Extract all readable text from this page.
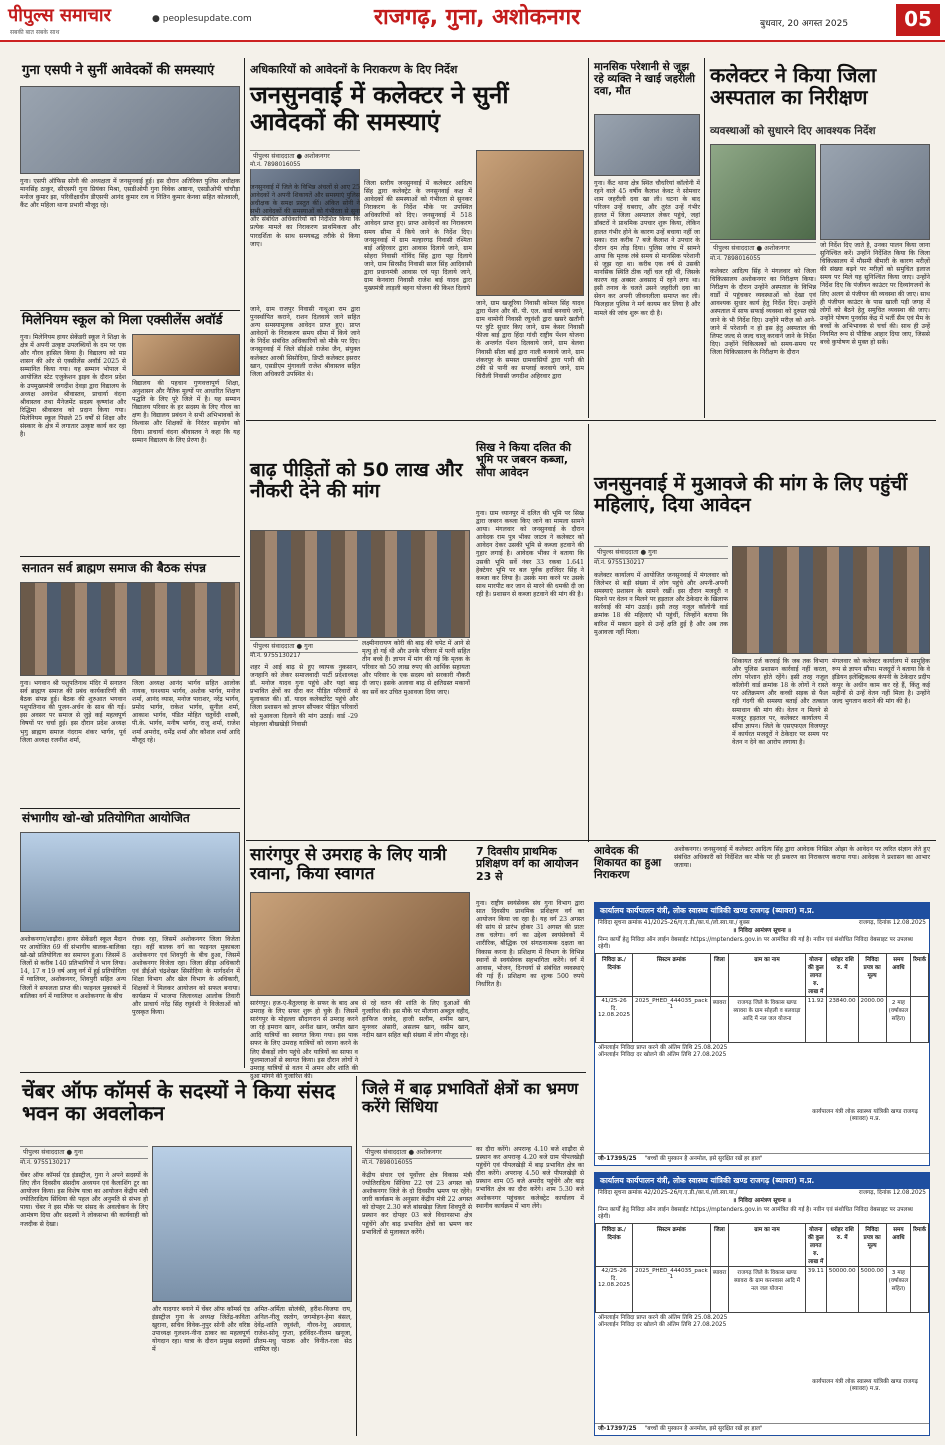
पीपुल्स समाचार
सबकी बात सबके साथ
● peoplesupdate.com	राजगढ़, गुना, अशोकनगर	बुधवार, 20 अगस्त 2025	05
गुना एसपी ने सुनीं आवेदकों की समस्याएं
गुना। एसपी ऑफिस सोनी की अध्यक्षता में जनसुनवाई हुई। इस दौरान अतिरिक्त पुलिस अधीक्षक मानसिंह ठाकुर, सीएसपी गुना प्रियंका मिश्रा, एसडीओपी गुना विवेक अष्ठाना, एसडीओपी चांचौड़ा मनोज कुमार झा, परिवीक्षाधीन डीएसपी आनंद कुमार राय व नितिन कुमार केनवा सहित कोतवाली, कैंट और महिला थाना प्रभारी मौजूद रहे।
मिलेनियम स्कूल को मिला एक्सीलेंस अवॉर्ड
गुना। मिलेनियम हायर सेकेंडरी स्कूल ने शिक्षा के क्षेत्र में अपनी उत्कृष्ट उपलब्धियों के दम पर एक और गौरव हासिल किया है। विद्यालय को मप्र शासन की ओर से एक्सीलेंस अवॉर्ड 2025 से सम्मानित किया गया। यह सम्मान भोपाल में आयोजित स्टेट एजुकेशन ड्राइव के दौरान प्रदेश के उपमुख्यमंत्री जगदीश देवड़ा द्वारा विद्यालय के अध्यक्ष अवधेश श्रीवास्तव, प्राचार्या वंदना श्रीवास्तव तथा मैनेजमेंट सदस्य कृष्णांश और रिद्धिमा श्रीवास्तव को प्रदान किया गया। मिलेनियम स्कूल पिछले 25 वर्षों से शिक्षा और संस्कार के क्षेत्र में लगातार उत्कृष्ट कार्य कर रहा है।
विद्यालय की पहचान गुणवत्तापूर्ण शिक्षा, अनुशासन और नैतिक मूल्यों पर आधारित शिक्षण पद्धति के लिए पूरे जिले में है। यह सम्मान विद्यालय परिवार के हर सदस्य के लिए गौरव का क्षण है। विद्यालय प्रबंधन ने सभी अभिभावकों के विश्वास और शिक्षकों के निरंतर सहयोग को दिया। प्राचार्या वंदना श्रीवास्तव ने कहा कि यह सम्मान विद्यालय के लिए प्रेरणा है।
सनातन सर्व ब्राह्मण समाज की बैठक संपन्न
गुना। भगवान श्री पशुपतिनाथ मंदिर में सनातन सर्व ब्राह्मण समाज की प्रबंध कार्यकारिणी की बैठक संपन्न हुई। बैठक की शुरुआत भगवान पशुपतिनाथ की पूजन-अर्चन के साथ की गई। इस अवसर पर समाज से जुड़े कई महत्वपूर्ण विषयों पर चर्चा हुई। इस दौरान प्रदेश अध्यक्ष भृगु ब्राह्मण समाज नंदराम शंकर भार्गव, पूर्व जिला अध्यक्ष रजनीश शर्मा,
जिला अध्यक्ष आनंद भार्गव सहित आलोक नायक, घनश्याम भार्गव, अशोक भार्गव, मनोज शर्मा, आनंद व्यास, मनोज पाराशर, नरेंद्र भार्गव, प्रमोद भार्गव, राकेश भार्गव, सुनील शर्मा, आकाश भार्गव, पंडित मोहित चतुर्वेदी शास्त्री, पी.के. भार्गव, मनीष भार्गव, राजू शर्मा, राजेश शर्मा अमरोद, धर्मेंद्र शर्मा और कौशल शर्मा आदि मौजूद रहे।
संभागीय खो-खो प्रतियोगिता आयोजित
अशोकनगर/शाढ़ौरा। हायर सेकेंडरी स्कूल मैदान पर आयोजित 69 वीं संभागीय बालक-बालिका खो-खो प्रतियोगिता का समापन हुआ। जिसमें 8 जिलों से करीब 140 प्रतिभागियों ने भाग लिया। 14, 17 व 19 वर्ष आयु वर्ग में हुई प्रतियोगिता में ग्वालियर, अशोकनगर, शिवपुरी सहित अन्य जिलों ने सफलता प्राप्त की। फाइनल मुकाबले में बालिका वर्ग में ग्वालियर व अशोकनगर के बीच
रोचक रहा, जिसमें अशोकनगर जिला विजेता रहा। वहीं बालक वर्ग का फाइनल मुकाबला अशोकनगर एवं शिवपुरी के बीच हुआ, जिसमें अशोकनगर विजेता रहा। जिला क्रीड़ा अधिकारी एवं डीईओ चंद्रशेखर सिसोदिया के मार्गदर्शन में शिक्षा विभाग और खेल विभाग के अधिकारी, शिक्षकों ने मिलकर आयोजन को सफल बनाया। कार्यक्रम में भाजपा जिलाध्यक्ष आलोक तिवारी और प्राचार्य नरेंद्र सिंह रघुवंशी ने विजेताओं को पुरस्कृत किया।
अधिकारियों को आवेदनों के निराकरण के दिए निर्देश
जनसुनवाई में कलेक्टर ने सुनीं आवेदकों की समस्याएं
जनसुनवाई में जिले के विभिन्न अंचलों से आए 25 आवेदकों ने अपनी शिकायतें और समस्याएं पुलिस अधीक्षक के समक्ष प्रस्तुत कीं। अंकित सोनी ने सभी आवेदकों की समस्याओं को गंभीरता से सुना और संबंधित अधिकारियों को निर्देशित किया कि प्रत्येक मामले का निराकरण प्राथमिकता और पारदर्शिता के साथ समयबद्ध तरीके से किया जाए।
पीपुल्स संवाददाता ● अशोकनगर
मो.नं. 7898016055
जिला स्तरीय जनसुनवाई में कलेक्टर आदित्य सिंह द्वारा कलेक्ट्रेट के जनसुनवाई कक्ष में आवेदकों की समस्याओं को गंभीरता से सुनकर निराकरण के निर्देश मौके पर उपस्थित अधिकारियों को दिए। जनसुनवाई में 518 आवेदन प्राप्त हुए। प्राप्त आवेदनों का निराकरण समय सीमा में किये जाने के निर्देश दिए। जनसुनवाई में ग्राम मल्हारगढ़ निवासी रश्मिता बाई अहिरवार द्वारा आवास दिलाये जाने, ग्राम सोहरा निवासी गोविंद सिंह द्वारा पट्टा दिलाये जाने, ग्राम सिरसौद निवासी साल सिंह आदिवासी द्वारा प्रधानमंत्री आवास एवं पट्टा दिलाये जाने, ग्राम केनवारा निवासी राजेश बाई यादव द्वारा मुख्यमंत्री लाड़ली बहना योजना की किश्त दिलाये
जाने, ग्राम खजूरिया निवासी कोमल सिंह यादव द्वारा पेंशन और बी. पी. एल. कार्ड बनवाये जाने, ग्राम थामोनी निवासी रघुवंशी द्वारा खसरे खतौनी पर त्रुटि सुधार किए जाने, ग्राम केसर निवासी फीजा बाई द्वारा हिंदा गांधी राष्ट्रीय पेंशन योजना के अन्तर्गत पेंशन दिलवाये जाने, ग्राम बेलवा निवासी सीता बाई द्वारा नाली बनवाये जाने, ग्राम शंकरपुर के समस्त ग्रामवासियों द्वारा पानी की टंकी से पानी का सप्लाई करवाये जाने, ग्राम चिरौली निवासी जगदीश अहिरवार द्वारा
जाने, ग्राम राजपुर निवासी नाथूआ राम द्वारा पुनर्स्थापित कराने, राशन दिलवाये जाने सहित अन्य समस्यामूलक आवेदन प्राप्त हुए। प्राप्त आवेदनों के निराकरण समय सीमा में किये जाने के निर्देश संबंधित अधिकारियों को मौके पर दिए। जनसुनवाई में जिले सीईओ राजेश जैन, संयुक्त कलेक्टर आरबी सिसोदिया, डिप्टी कलेक्टर इसरार खान, एसडीएम मुंगावली राजेश श्रीवास्तव सहित जिला अधिकारी उपस्थित थे।
मानसिक परेशानी से जूझ रहे व्यक्ति ने खाई जहरीली दवा, मौत
गुना। कैंट थाना क्षेत्र स्थित चौधरियां कॉलोनी में रहने वाले 45 वर्षीय कैलाश केवट ने सोमवार शाम जहरीली दवा खा ली। घटना के बाद परिजन उन्हें घबराए, और तुरंत उन्हें गंभीर हालत में जिला अस्पताल लेकर पहुंचे, जहां डॉक्टरों ने प्राथमिक उपचार शुरू किया, लेकिन हालत गंभीर होने के कारण उन्हें बचाया नहीं जा सका। रात करीब 7 बजे कैलाश ने उपचार के दौरान दम तोड़ दिया। पुलिस जांच में सामने आया कि मृतक लंबे समय से मानसिक परेशानी से जूझ रहा था। करीब एक वर्ष से उसकी मानसिक स्थिति ठीक नहीं चल रही थी, जिसके कारण वह अक्सर अवसाद में रहने लगा था। इसी तनाव के चलते उसने जहरीली दवा का सेवन कर अपनी जीवनलीला समाप्त कर ली। फिलहाल पुलिस ने मर्ग कायम कर लिया है और मामले की जांच शुरू कर दी है।
कलेक्टर ने किया जिला अस्पताल का निरीक्षण
व्यवस्थाओं को सुधारने दिए आवश्यक निर्देश
पीपुल्स संवाददाता ● अशोकनगर
मो.नं. 7898016055
कलेक्टर आदित्य सिंह ने मंगलवार को जिला चिकित्सालय अशोकनगर का निरीक्षण किया। निरीक्षण के दौरान उन्होंने अस्पताल के विभिन्न वार्डों में पहुंचकर व्यवस्थाओं को देखा एवं आवश्यक सुधार कार्य हेतु निर्देश दिए। उन्होंने अस्पताल में साफ सफाई व्यवस्था को दुरुस्त रखे जाने के भी निर्देश दिए। उन्होंने मरीज़ को आने-जाने में परेशानी न हो इस हेतु अस्पताल की लिफ्ट जल्द से जल्द चालू करवाने जाने के निर्देश दिए। उन्होंने चिकित्सकों को समय-समय पर जिला चिकित्सालय के निरीक्षण के दौरान
जो निर्देश दिए जाते है, उनका पालन किया जाना सुनिश्चित करें। उन्होंने निर्देशित किया कि जिला चिकित्सालय में मौसमी बीमारी के कारण मरीज़ों की संख्या बढ़ने पर मरीज़ों को समुचित इलाज समय पर मिले यह सुनिश्चित किया जाए। उन्होंने निर्देश दिए कि पंजीयन काउंटर पर दिव्यांगजनों के लिए अलग से पंजीयन की व्यवस्था की जाए। साथ ही पंजीयन काउंटर के पास खाली पड़ी जगह में लोगों को बैठने हेतु समुचित व्यवस्था की जाए। उन्होंने पोषण पुनर्वास केंद्र में भर्ती सैम एवं मैम के बच्चों के अभिभावक से चर्चा की। साथ ही उन्हें नियमित रूप से पौष्टिक आहार दिया जाए, जिससे बच्चे कुपोषण से मुक्त हो सकें।
बाढ़ पीड़ितों को 50 लाख और नौकरी देने की मांग
पीपुल्स संवाददाता ● गुना
मो.नं. 9755130217
शहर में आई बाढ़ से हुए व्यापक नुकसान, जनहानि को लेकर समाजवादी पार्टी प्रदेशाध्यक्ष डॉ. मनोज यादव गुना पहुंचे और यहां बाढ़ प्रभावित क्षेत्रों का दौरा कर पीड़ित परिवारों से मुलाकात की। डॉ. यादव कलेक्टोरेट पहुंचे और जिला प्रशासन को ज्ञापन सौंपकर पीड़ित परिवारों को मुआवजा दिलाने की मांग उठाई। वार्ड -29 मोहल्ला बौखखेड़ी निवासी
लक्ष्मीनारायण कोरी की बाढ़ की चपेट में आने से मृत्यु हो गई थी और उनके परिवार में पत्नी सहित तीन बच्चे हैं। ज्ञापन में मांग की गई कि मृतक के परिवार को 50 लाख रुपए की आर्थिक सहायता और परिवार के एक सदस्य को सरकारी नौकरी दी जाए। इसके अलावा बाढ़ से क्षतिग्रस्त मकानों का सर्वे कर उचित मुआवजा दिया जाए।
सिख ने किया दलित की भूमि पर जबरन कब्जा, सौंपा आवेदन
गुना। ग्राम ध्यानपुर में दलित की भूमि पर सिख द्वारा जबरन कब्जा किए जाने का मामला सामने आया। मंगलवार को जनसुनवाई के दौरान आवेदक राम पुत्र भीका जाटव ने कलेक्टर को आवेदन देकर उसकी भूमि से कब्जा हटवाने की गुहार लगाई है। आवेदक भीका ने बताया कि उसकी भूमि सर्वे नंबर 33 रकबा 1.641 हेक्टेयर भूमि पर बल पूर्वक हरजिंदर सिंह ने कब्जा कर लिया है। उसके मना करने पर उसके साथ मारपीट कर जान से मारने की धमकी दी जा रही है। प्रशासन से कब्जा हटवाने की मांग की है।
जनसुनवाई में मुआवजे की मांग के लिए पहुंचीं महिलाएं, दिया आवेदन
पीपुल्स संवाददाता ● गुना
मो.नं. 9755130217
कलेक्टर कार्यालय में आयोजित जनसुनवाई में मंगलवार को जिलेभर से बड़ी संख्या में लोग पहुंचे और अपनी-अपनी समस्याएं प्रशासन के सामने रखीं। इस दौरान मजदूरी न मिलने पर वेतन न मिलने पर हड़ताल और ठेकेदार के खिलाफ कार्रवाई की मांग उठाई। इसी तरह नजूल कॉलोनी वार्ड क्रमांक 18 की महिलाएं भी पहुंचीं, जिन्होंने बताया कि बारिश में मकान ढहने से उन्हें क्षति हुई है और अब तक मुआवजा नहीं मिला।
शिकायत दर्ज करवाई कि जब तक विभाग और पुलिस प्रशासन कार्रवाई नहीं करता, लोग परेशान होते रहेंगे। इसी तरह नजूल कॉलोनी वार्ड क्रमांक 18 के लोगों ने रास्ते पर अतिक्रमण और कच्ची सड़क से फैल रही गंदगी की समस्या बताई और तत्काल समाधान की मांग की। वेतन न मिलने से मजदूर हड़ताल पर, कलेक्टर कार्यालय में सौंपा ज्ञापन। जिले के एसएफएल विजयपुर में कार्यरत मजदूरों ने ठेकेदार पर समय पर वेतन न देने का आरोप लगाया है।
मंगलवार को कलेक्टर कार्यालय में सामूहिक रूप से ज्ञापन सौंपा। मजदूरों ने बताया कि वे इंडियन इलेक्ट्रिकल्स कंपनी के ठेकेदार प्रदीप कपूर के अधीन काम कर रहे हैं, किंतु कई महीनों से उन्हें वेतन नहीं मिला है। उन्होंने जल्द भुगतान कराने की मांग की है।
सारंगपुर से उमराह के लिए यात्री रवाना, किया स्वागत
सारंगपुर। हज-ए-बैतुल्लाह के सफर के बाद अब उमराह के लिए सफर शुरू हो चुके हैं। जिसमें सारंगपुर के मोहल्ला सौदागरान से उमराह करने जा रहे इमरान खान, अनीश खान, जमील खान आदि यात्रियों का स्वागत किया गया। इस पाक सफर के लिए उमराह यात्रियों को रवाना करने के लिए सैकड़ों लोग पहुंचे और यात्रियों का साफा व फूलमालाओं से स्वागत किया। इस दौरान लोगों ने उमराह यात्रियों से वतन में अमन और शांति की दुआ मांगने की गुजारिश की।
से रहे वतन की शांति के लिए दुआओं की गुजारिश की। इस मौके पर मौलाना अब्दुल वहीद, हाफिज जावेद, हाजी सलीम, शमीम खान, मुनव्वर अंसारी, असलम खान, वसीम खान, नदीम खान सहित बड़ी संख्या में लोग मौजूद रहे।
7 दिवसीय प्राथमिक प्रशिक्षण वर्ग का आयोजन 23 से
गुना। राष्ट्रीय स्वयंसेवक संघ गुना विभाग द्वारा सात दिवसीय प्राथमिक प्रशिक्षण वर्ग का आयोजन किया जा रहा है। यह वर्ग 23 अगस्त की सांय से प्रारंभ होकर 31 अगस्त की प्रातः तक चलेगा। वर्ग का उद्देश्य स्वयंसेवकों में शारीरिक, बौद्धिक एवं संगठनात्मक दक्षता का विकास करना है। प्रशिक्षण में विभाग के विभिन्न स्थानों से स्वयंसेवक सहभागिता करेंगे। वर्ग में आवास, भोजन, दिनचर्या से संबंधित व्यवस्थाएं की गई हैं। प्रशिक्षण का शुल्क 500 रुपये निर्धारित है।
आवेदक की शिकायत का हुआ निराकरण
अशोकनगर। जनसुनवाई में कलेक्टर आदित्य सिंह द्वारा आवेदक निखिल ओझा के आवेदन पर त्वरित संज्ञान लेते हुए संबंधित अधिकारी को निर्देशित कर मौके पर ही प्रकरण का निराकरण कराया गया। आवेदक ने प्रशासन का आभार जताया।
कार्यालय कार्यपालन यंत्री, लोक स्वास्थ्य यांत्रिकी खण्ड राजगढ़ (ब्यावरा) म.प्र.
निविदा सूचना क्रमांक 41/2025-26/ए.ए.डी./का.यं./लो.स्वा.या./ बुक्स	राजगढ़, दिनांक 12.08.2025
॥ निविदा आमंत्रण सूचना ॥
निम्न कार्यों हेतु निविदा ऑन लाईन वेबसाईट https://mptenders.gov.in पर आमंत्रित की गई है। नवीन एवं संशोधित निविदा वेबसाइट पर उपलब्ध रहेगी।
निविदा क्र./ दिनांक	सिस्टम क्रमांक	जिला	ग्राम का नाम	योजना की कुल लागत रु. लाख में	धरोहर राशि रु. में	निविदा प्रपत्र का मूल्य	समय अवधि	रिमार्क
41/25-26 दि. 12.08.2025	2025_PHED_444035_pack 1	ब्यावरा	राजगढ़ जिले के विकास खण्ड ब्यावरा के ग्राम सोहली व बलवाड़ा आदि में नल जल योजना	11.92	23840.00	2000.00	2 माह (वर्षाकाल सहित)	
ऑनलाईन निविदा प्राप्त करने की अंतिम तिथि 25.08.2025
ऑनलाईन निविदा दर खोलने की अंतिम तिथि 27.08.2025
कार्यपालन यंत्री लोक स्वास्थ्य यांत्रिकी खण्ड राजगढ़ (ब्यावरा) म.प्र.
जी-17395/25 "बच्चों की मुस्कान है अनमोल, इसे सुरक्षित रखें हर हाल"
चेंबर ऑफ कॉमर्स के सदस्यों ने किया संसद भवन का अवलोकन
पीपुल्स संवाददाता ● गुना
मो.नं. 9755130217
चेंबर ऑफ कॉमर्स एंड इंडस्ट्रीज, गुना ने अपने सदस्यों के लिए तीन दिवसीय संसदीय अध्ययन एवं कैलाशिंग टूर का आयोजन किया। इस विशेष यात्रा का आयोजन केंद्रीय मंत्री ज्योतिरादित्य सिंधिया की पहल और अनुमति से संभव हो पाया। चेंबर ने इस मौके पर संसद के अवलोकन के लिए आमंत्रण दिया और सदस्यों ने लोकसभा की कार्यवाही को नजदीक से देखा।
और यादगार बनाने में चेंबर ऑफ कॉमर्स एंड इंडस्ट्रीज गुना के अध्यक्ष जितेंद्र-कविता खुराना, सचिव विवेक-नुपुर सोनी और वरिष्ठ उपाध्यक्ष गुलशन-नीना ठाकर का महत्वपूर्ण योगदान रहा। यात्रा के दौरान प्रमुख सदस्यों में
अमित-अर्मिता सोलंकी, हरीश-विजया राय, अनिल-नीलू रस्तोग, जगमोहन-हेमा बंसल, देवेंद्र-शांति रघुवंशी, गौरव-रेनू अग्रवाल, राजेश-सोनू गुप्ता, हरविंदर-नीलम खनूजा, प्रीतम-मधु पाठक और विनीत-रजा सेठ शामिल रहे।
जिले में बाढ़ प्रभावितों क्षेत्रों का भ्रमण करेंगे सिंधिया
पीपुल्स संवाददाता ● अशोकनगर
मो.नं. 7898016055
केंद्रीय संचार एवं पूर्वोत्तर क्षेत्र विकास मंत्री ज्योतिरादित्य सिंधिया 22 एवं 23 अगस्त को अशोकनगर जिले के दो दिवसीय भ्रमण पर रहेंगे। जारी कार्यक्रम के अनुसार केंद्रीय मंत्री 22 अगस्त को दोपहर 2.30 बजे बांसखेड़ा जिला शिवपुरी से प्रस्थान कर दोपहर 03 बजे विधानसभा क्षेत्र पहुंचेंगे और बाढ़ प्रभावित क्षेत्रों का भ्रमण कर प्रभावितों से मुलाकात करेंगे।
का दौरा करेंगे। अपरान्ह 4.10 बजे शाढ़ौरा से प्रस्थान कर अपरान्ह 4.20 बजे ग्राम पीपलखेड़ी पहुंचेंगे एवं पीपलखेड़ी में बाढ़ प्रभावित क्षेत्र का दौरा करेंगे। अपरान्ह 4.50 बजे पीपलखेड़ी से प्रस्थान शाम 05 बजे अमरोद पहुंचेंगे और बाढ़ प्रभावित क्षेत्र का दौरा करेंगे। शाम 5.30 बजे अशोकनगर पहुंचकर कलेक्ट्रेट कार्यालय में स्थानीय कार्यक्रम में भाग लेंगे।
कार्यालय कार्यपालन यंत्री, लोक स्वास्थ्य यांत्रिकी खण्ड राजगढ़ (ब्यावरा) म.प्र.
निविदा सूचना क्रमांक 42/2025-26/ए.ए.डी./का.यं./लो.स्वा.या./	राजगढ़, दिनांक 12.08.2025
॥ निविदा आमंत्रण सूचना ॥
निम्न कार्यों हेतु निविदा ऑन लाईन वेबसाईट https://mptenders.gov.in पर आमंत्रित की गई है। नवीन एवं संशोधित निविदा वेबसाइट पर उपलब्ध रहेगी।
निविदा क्र./ दिनांक	सिस्टम क्रमांक	जिला	ग्राम का नाम	योजना की कुल लागत रु. लाख में	धरोहर राशि रु. में	निविदा प्रपत्र का मूल्य	समय अवधि	रिमार्क
42/25-26 दि. 12.08.2025	2025_PHED_444035_pack 1	ब्यावरा	राजगढ़ जिले के विकास खण्ड ब्यावरा के ग्राम करनवास आदि में नल जल योजना	39.11	50000.00	5000.00	3 माह (वर्षाकाल सहित)	
ऑनलाईन निविदा प्राप्त करने की अंतिम तिथि 25.08.2025
ऑनलाईन निविदा दर खोलने की अंतिम तिथि 27.08.2025
कार्यपालन यंत्री लोक स्वास्थ्य यांत्रिकी खण्ड राजगढ़ (ब्यावरा) म.प्र.
जी-17397/25 "बच्चों की मुस्कान है अनमोल, इसे सुरक्षित रखें हर हाल"
